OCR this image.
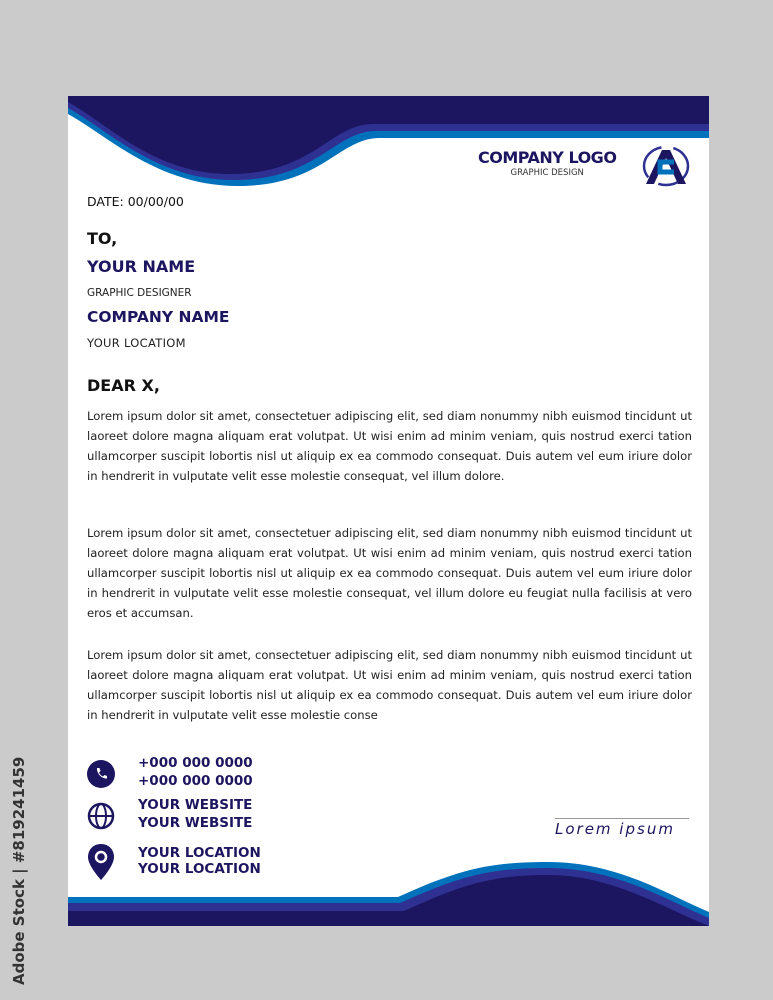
COMPANY LOGO
GRAPHIC DESIGN
DATE: 00/00/00
TO,
YOUR NAME
GRAPHIC DESIGNER
COMPANY NAME
YOUR LOCATIOM
DEAR X,
Lorem ipsum dolor sit amet, consectetuer adipiscing elit, sed diam nonummy nibh euismod tincidunt ut laoreet dolore magna aliquam erat volutpat. Ut wisi enim ad minim veniam, quis nostrud exerci tation ullamcorper suscipit lobortis nisl ut aliquip ex ea commodo consequat. Duis autem vel eum iriure dolor in hendrerit in vulputate velit esse molestie consequat, vel illum dolore.
Lorem ipsum dolor sit amet, consectetuer adipiscing elit, sed diam nonummy nibh euismod tincidunt ut laoreet dolore magna aliquam erat volutpat. Ut wisi enim ad minim veniam, quis nostrud exerci tation ullamcorper suscipit lobortis nisl ut aliquip ex ea commodo consequat. Duis autem vel eum iriure dolor in hendrerit in vulputate velit esse molestie consequat, vel illum dolore eu feugiat nulla facilisis at vero eros et accumsan.
Lorem ipsum dolor sit amet, consectetuer adipiscing elit, sed diam nonummy nibh euismod tincidunt ut laoreet dolore magna aliquam erat volutpat. Ut wisi enim ad minim veniam, quis nostrud exerci tation ullamcorper suscipit lobortis nisl ut aliquip ex ea commodo consequat. Duis autem vel eum iriure dolor in hendrerit in vulputate velit esse molestie conse
+000 000 0000
+000 000 0000
YOUR WEBSITE
YOUR WEBSITE
YOUR LOCATION
YOUR LOCATION
Lorem ipsum
Adobe Stock | #819241459
